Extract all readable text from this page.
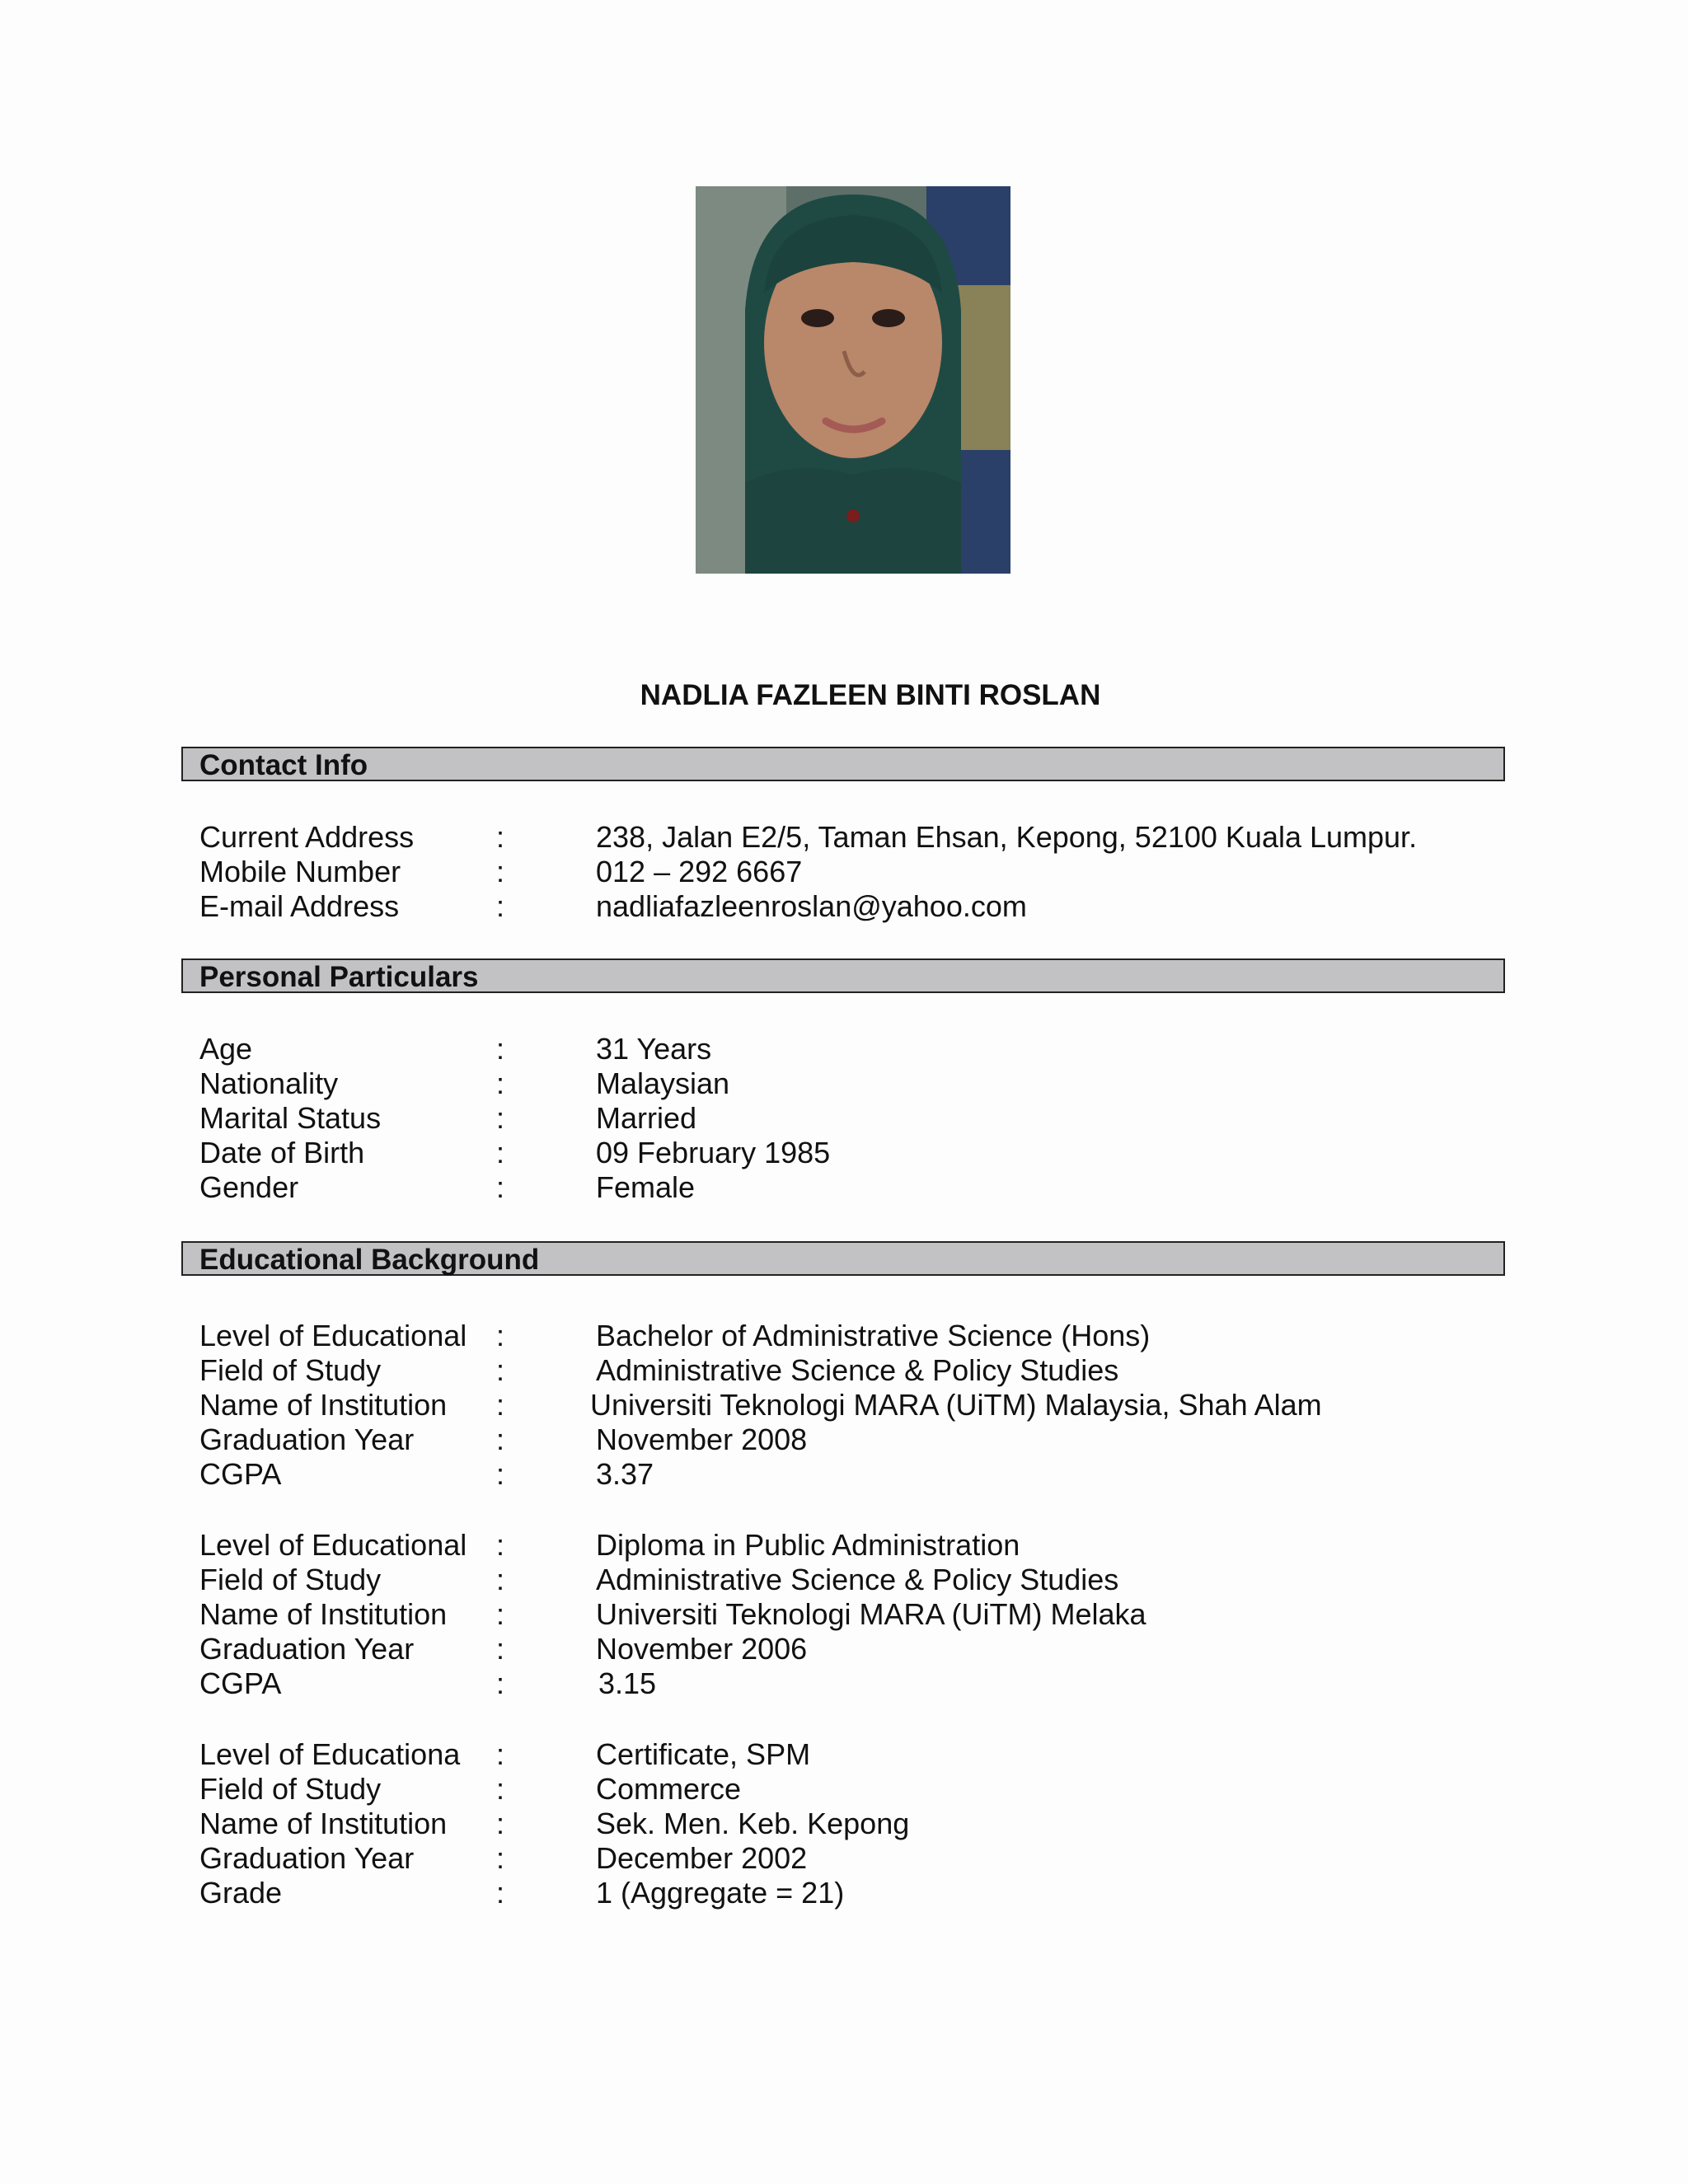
NADLIA FAZLEEN BINTI ROSLAN
Contact Info
Current Address	:	238, Jalan E2/5, Taman Ehsan, Kepong, 52100 Kuala Lumpur.
Mobile Number	:	012 – 292 6667
E-mail Address	:	nadliafazleenroslan@yahoo.com
Personal Particulars
Age	:	31 Years
Nationality	:	Malaysian
Marital Status	:	Married
Date of Birth	:	09 February 1985
Gender	:	Female
Educational Background
Level of Educational :	Bachelor of Administrative Science (Hons)
Field of Study	:	Administrative Science & Policy Studies
Name of Institution :	Universiti Teknologi MARA (UiTM) Malaysia, Shah Alam
Graduation Year	:	November 2008
CGPA	:	3.37
Level of Educational :	Diploma in Public Administration
Field of Study	:	Administrative Science & Policy Studies
Name of Institution :	Universiti Teknologi MARA (UiTM) Melaka
Graduation Year	:	November 2006
CGPA	:	3.15
Level of Educationa :	Certificate, SPM
Field of Study	:	Commerce
Name of Institution :	Sek. Men. Keb. Kepong
Graduation Year	:	December 2002
Grade	:	1 (Aggregate = 21)
